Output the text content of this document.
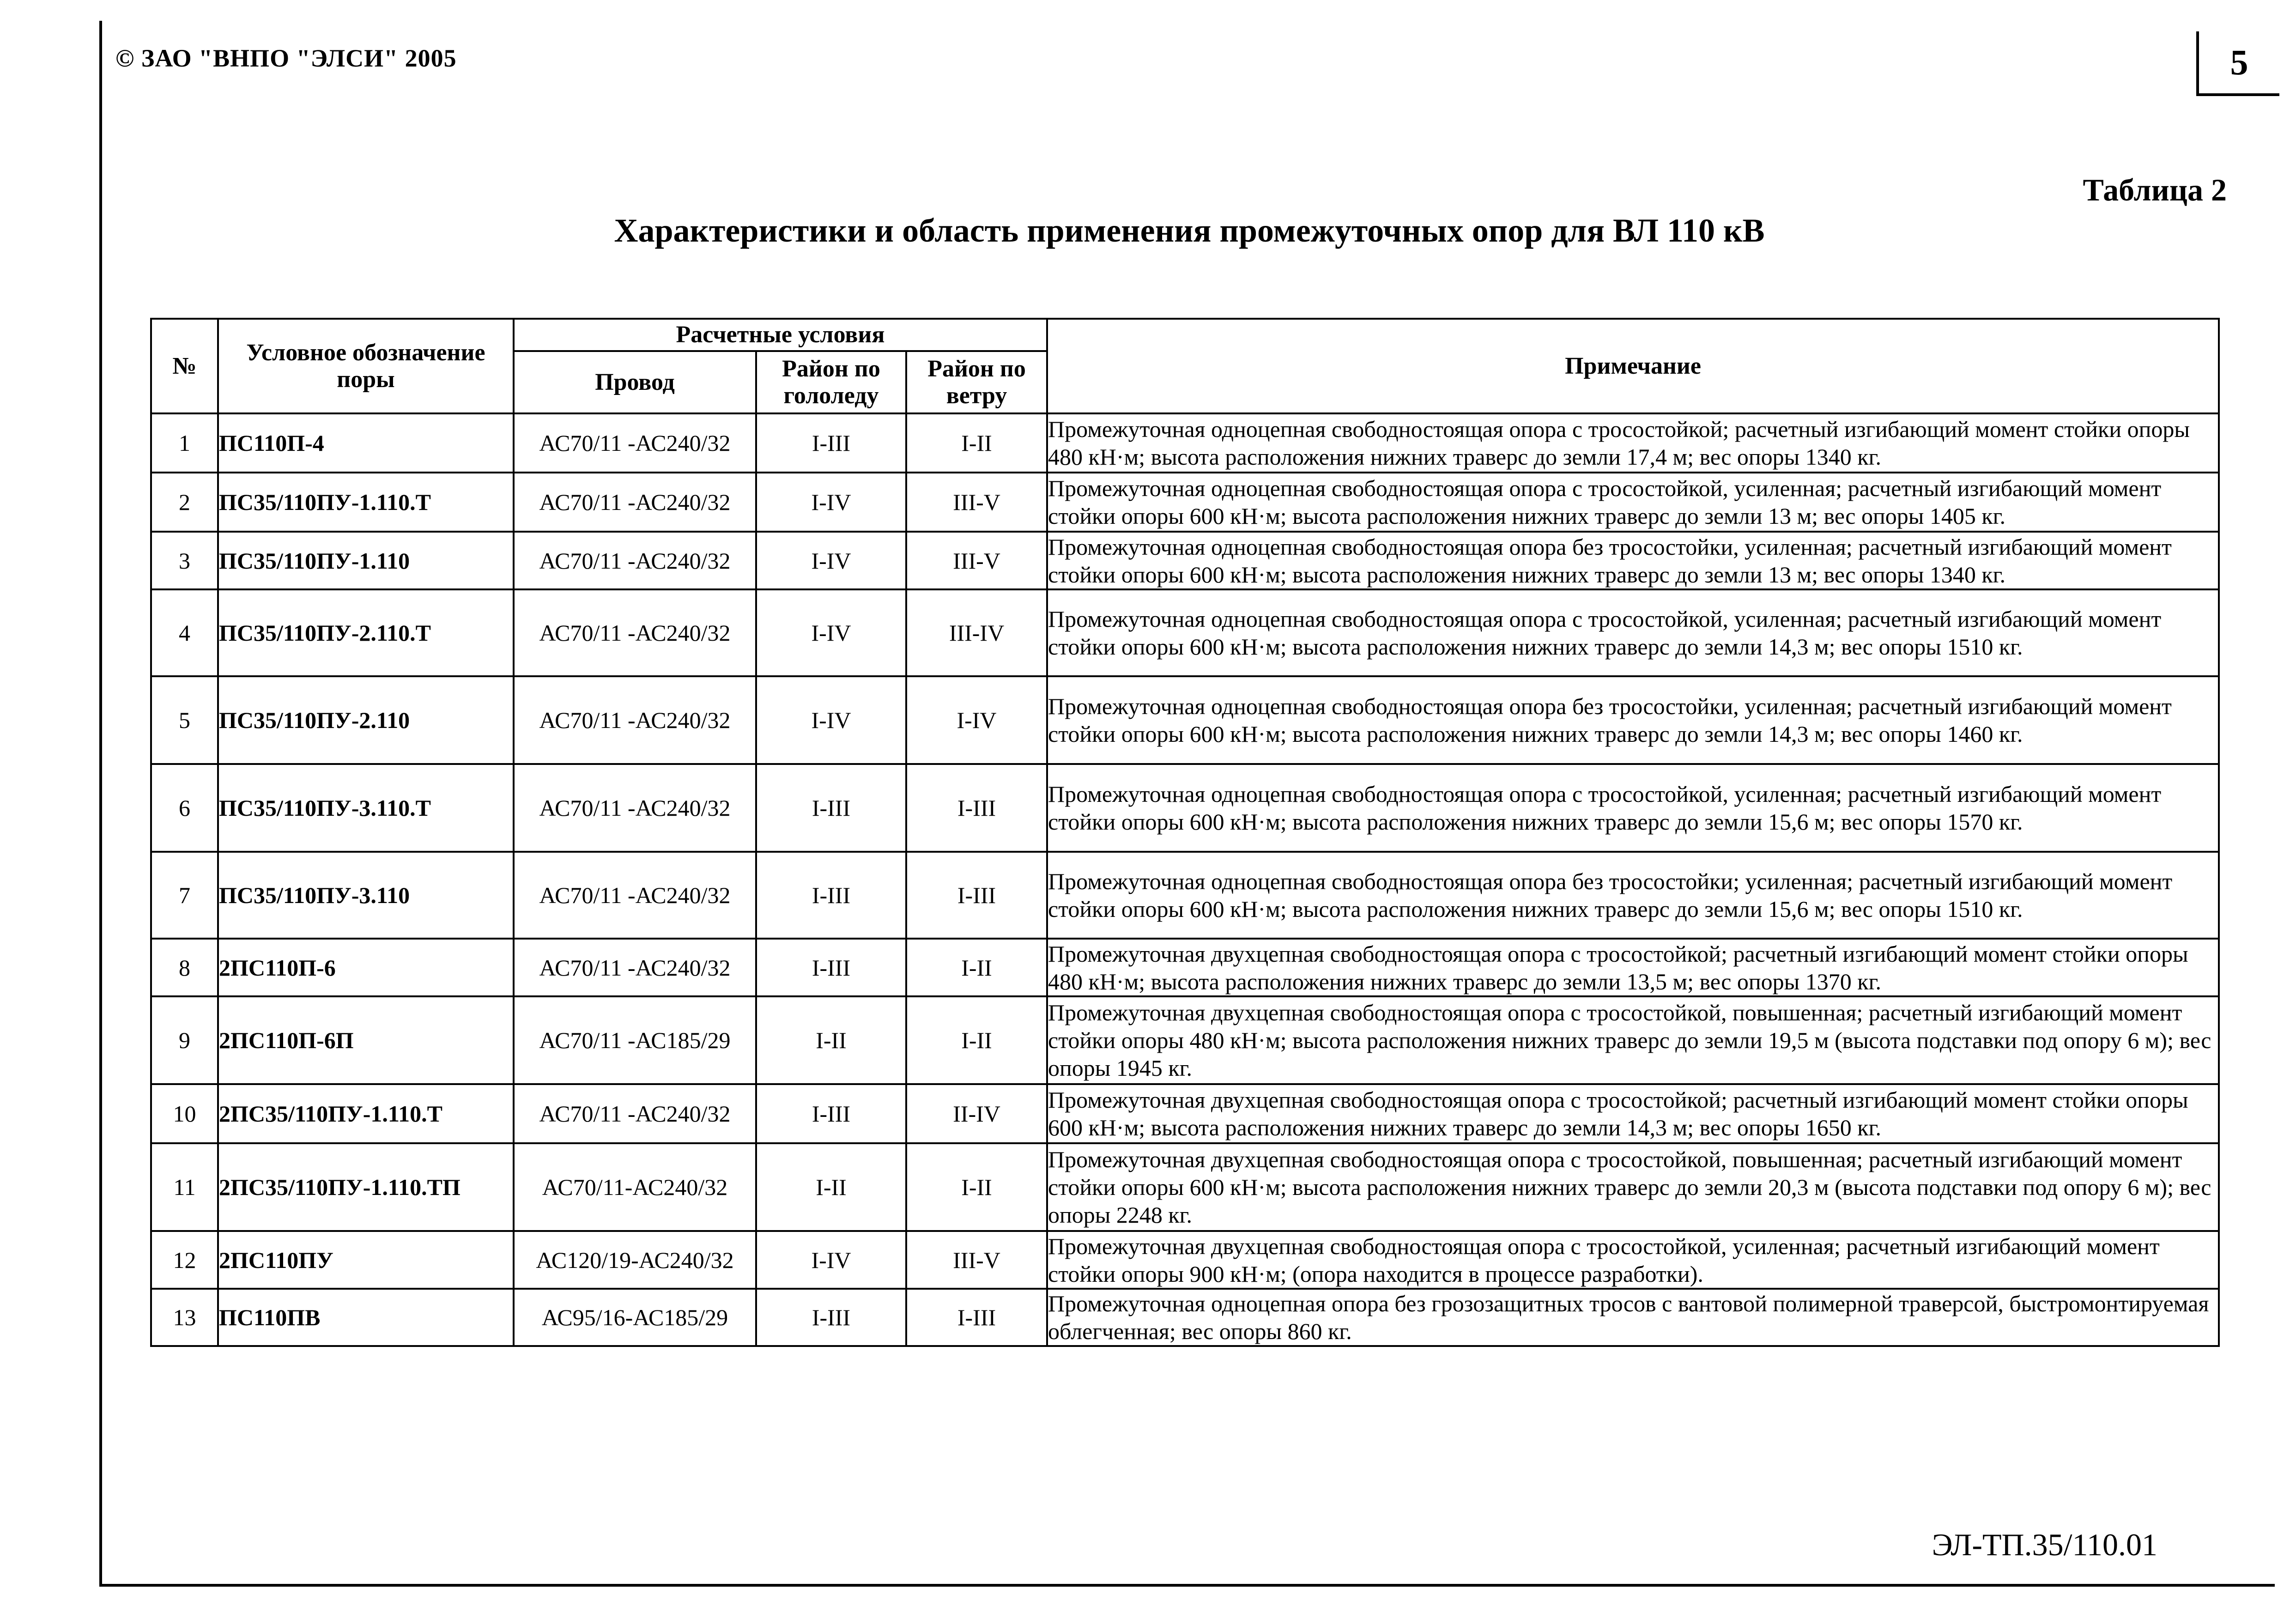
© ЗАО "ВНПО "ЭЛСИ" 2005	5
Таблица 2
Характеристики и область применения промежуточных опор для ВЛ 110 кВ
№	Условное обозначение поры	Расчетные условия			Примечание
		Провод	Район по гололеду	Район по ветру	
1	ПС110П-4	АС70/11 -АС240/32	I-III	I-II	Промежуточная одноцепная свободностоящая опора с тросостойкой; расчетный изгибающий момент стойки опоры 480 кН·м; высота расположения нижних траверс до земли 17,4 м; вес опоры 1340 кг.
2	ПС35/110ПУ-1.110.Т	АС70/11 -АС240/32	I-IV	III-V	Промежуточная одноцепная свободностоящая опора с тросостойкой, усиленная; расчетный изгибающий момент стойки опоры 600 кН·м; высота расположения нижних траверс до земли 13 м; вес опоры 1405 кг.
3	ПС35/110ПУ-1.110	АС70/11 -АС240/32	I-IV	III-V	Промежуточная одноцепная свободностоящая опора без тросостойки, усиленная; расчетный изгибающий момент стойки опоры 600 кН·м; высота расположения нижних траверс до земли 13 м; вес опоры 1340 кг.
4	ПС35/110ПУ-2.110.Т	АС70/11 -АС240/32	I-IV	III-IV	Промежуточная одноцепная свободностоящая опора с тросостойкой, усиленная; расчетный изгибающий момент стойки опоры 600 кН·м; высота расположения нижних траверс до земли 14,3 м; вес опоры 1510 кг.
5	ПС35/110ПУ-2.110	АС70/11 -АС240/32	I-IV	I-IV	Промежуточная одноцепная свободностоящая опора без тросостойки, усиленная; расчетный изгибающий момент стойки опоры 600 кН·м; высота расположения нижних траверс до земли 14,3 м; вес опоры 1460 кг.
6	ПС35/110ПУ-3.110.Т	АС70/11 -АС240/32	I-III	I-III	Промежуточная одноцепная свободностоящая опора с тросостойкой, усиленная; расчетный изгибающий момент стойки опоры 600 кН·м; высота расположения нижних траверс до земли 15,6 м; вес опоры 1570 кг.
7	ПС35/110ПУ-3.110	АС70/11 -АС240/32	I-III	I-III	Промежуточная одноцепная свободностоящая опора без тросостойки; усиленная; расчетный изгибающий момент стойки опоры 600 кН·м; высота расположения нижних траверс до земли 15,6 м; вес опоры 1510 кг.
8	2ПС110П-6	АС70/11 -АС240/32	I-III	I-II	Промежуточная двухцепная свободностоящая опора с тросостойкой; расчетный изгибающий момент стойки опоры 480 кН·м; высота расположения нижних траверс до земли 13,5 м; вес опоры 1370 кг.
9	2ПС110П-6П	АС70/11 -АС185/29	I-II	I-II	Промежуточная двухцепная свободностоящая опора с тросостойкой, повышенная; расчетный изгибающий момент стойки опоры 480 кН·м; высота расположения нижних траверс до земли 19,5 м (высота подставки под опору 6 м); вес опоры 1945 кг.
10	2ПС35/110ПУ-1.110.Т	АС70/11 -АС240/32	I-III	II-IV	Промежуточная двухцепная свободностоящая опора с тросостойкой; расчетный изгибающий момент стойки опоры 600 кН·м; высота расположения нижних траверс до земли 14,3 м; вес опоры 1650 кг.
11	2ПС35/110ПУ-1.110.ТП	АС70/11-АС240/32	I-II	I-II	Промежуточная двухцепная свободностоящая опора с тросостойкой, повышенная; расчетный изгибающий момент стойки опоры 600 кН·м; высота расположения нижних траверс до земли 20,3 м (высота подставки под опору 6 м); вес опоры 2248 кг.
12	2ПС110ПУ	АС120/19-АС240/32	I-IV	III-V	Промежуточная двухцепная свободностоящая опора с тросостойкой, усиленная; расчетный изгибающий момент стойки опоры 900 кН·м; (опора находится в процессе разработки).
13	ПС110ПВ	АС95/16-АС185/29	I-III	I-III	Промежуточная одноцепная опора без грозозащитных тросов с вантовой полимерной траверсой, быстромонтируемая облегченная; вес опоры 860 кг.
ЭЛ-ТП.35/110.01
